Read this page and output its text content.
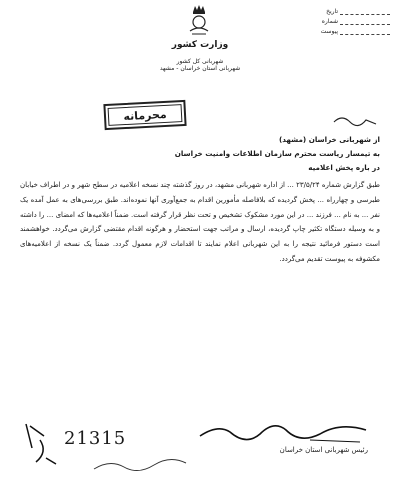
تاریخ
شماره
پیوست
وزارت کشور
شهربانی کل کشور
شهربانی استان خراسان - مشهد
محرمانه
از شهربانی خراسان (مشهد)
به تیمسار ریاست محترم سازمان اطلاعات وامنیت خراسان
در باره پخش اعلامیه
طبق گزارش شماره ۲۳/۵/۲۴ ... از اداره شهربانی مشهد، در روز گذشته چند نسخه اعلامیه در سطح شهر و در اطراف خیابان طبرسی و چهارراه ... پخش گردیده که بلافاصله مأمورین اقدام به جمع‌آوری آنها نموده‌اند. طبق بررسی‌های به عمل آمده یک نفر ... به نام ... فرزند ... در این مورد مشکوک تشخیص و تحت نظر قرار گرفته است. ضمناً اعلامیه‌ها که امضای ... را داشته و به وسیله دستگاه تکثیر چاپ گردیده، ارسال و مراتب جهت استحضار و هرگونه اقدام مقتضی گزارش می‌گردد. خواهشمند است دستور فرمائید نتیجه را به این شهربانی اعلام نمایند تا اقدامات لازم معمول گردد. ضمناً یک نسخه از اعلامیه‌های مکشوفه به پیوست تقدیم می‌گردد.
رئیس شهربانی استان خراسان
21315
